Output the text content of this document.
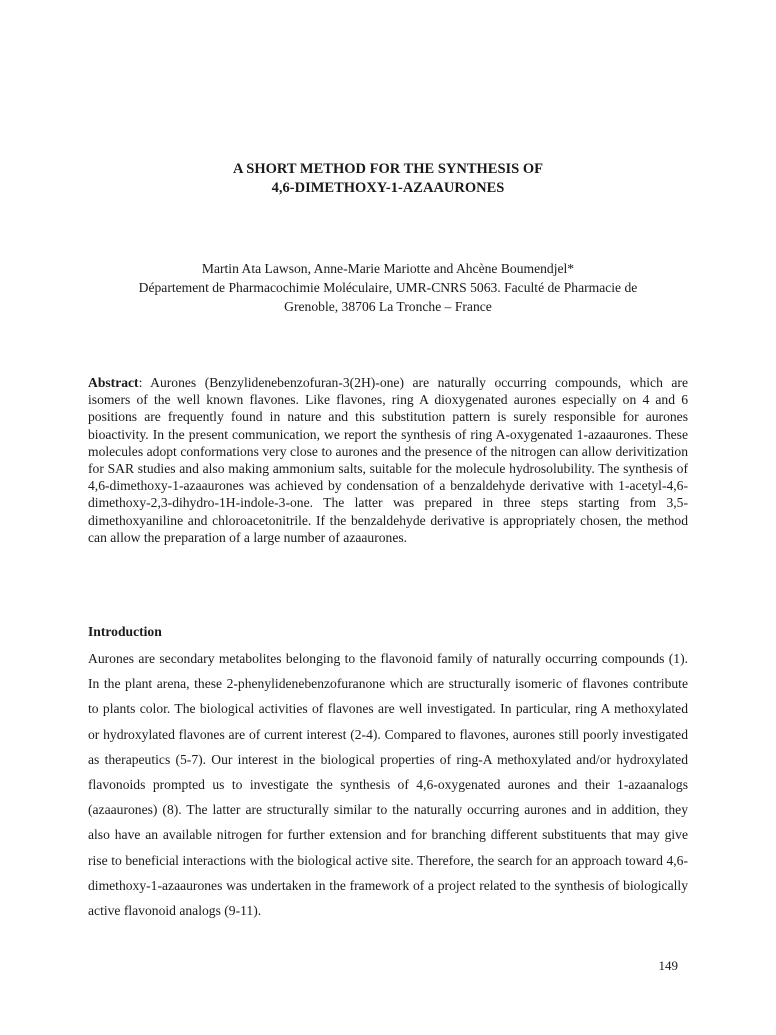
A SHORT METHOD FOR THE SYNTHESIS OF
4,6-DIMETHOXY-1-AZAAURONES
Martin Ata Lawson, Anne-Marie Mariotte and Ahcène Boumendjel*
Département de Pharmacochimie Moléculaire, UMR-CNRS 5063. Faculté de Pharmacie de
Grenoble, 38706 La Tronche – France
Abstract: Aurones (Benzylidenebenzofuran-3(2H)-one) are naturally occurring compounds, which are isomers of the well known flavones. Like flavones, ring A dioxygenated aurones especially on 4 and 6 positions are frequently found in nature and this substitution pattern is surely responsible for aurones bioactivity. In the present communication, we report the synthesis of ring A-oxygenated 1-azaaurones. These molecules adopt conformations very close to aurones and the presence of the nitrogen can allow derivitization for SAR studies and also making ammonium salts, suitable for the molecule hydrosolubility. The synthesis of 4,6-dimethoxy-1-azaaurones was achieved by condensation of a benzaldehyde derivative with 1-acetyl-4,6-dimethoxy-2,3-dihydro-1H-indole-3-one. The latter was prepared in three steps starting from 3,5-dimethoxyaniline and chloroacetonitrile. If the benzaldehyde derivative is appropriately chosen, the method can allow the preparation of a large number of azaaurones.
Introduction
Aurones are secondary metabolites belonging to the flavonoid family of naturally occurring compounds (1). In the plant arena, these 2-phenylidenebenzofuranone which are structurally isomeric of flavones contribute to plants color. The biological activities of flavones are well investigated. In particular, ring A methoxylated or hydroxylated flavones are of current interest (2-4). Compared to flavones, aurones still poorly investigated as therapeutics (5-7). Our interest in the biological properties of ring-A methoxylated and/or hydroxylated flavonoids prompted us to investigate the synthesis of 4,6-oxygenated aurones and their 1-azaanalogs (azaaurones) (8). The latter are structurally similar to the naturally occurring aurones and in addition, they also have an available nitrogen for further extension and for branching different substituents that may give rise to beneficial interactions with the biological active site. Therefore, the search for an approach toward 4,6-dimethoxy-1-azaaurones was undertaken in the framework of a project related to the synthesis of biologically active flavonoid analogs (9-11).
149
